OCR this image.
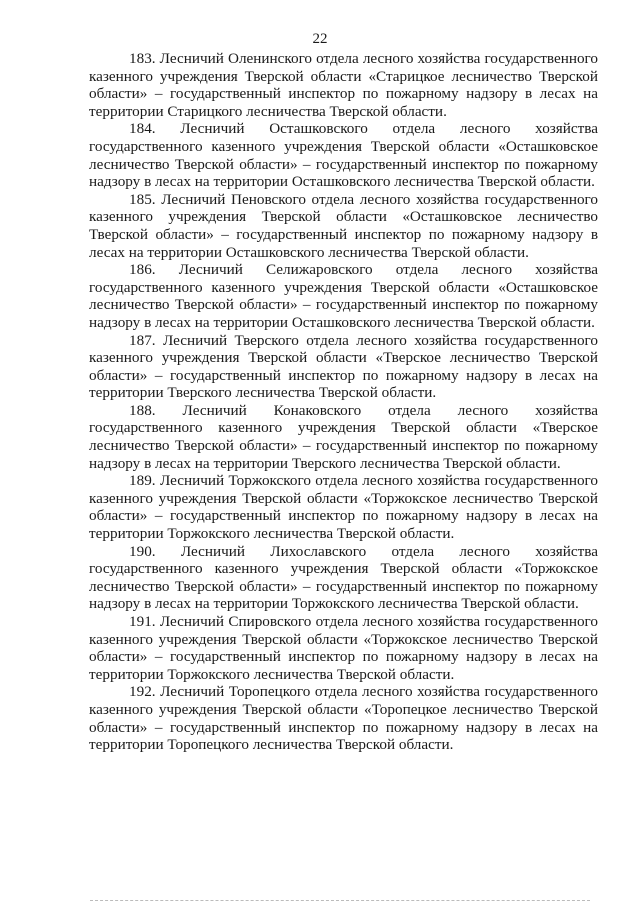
22

183. Лесничий Оленинского отдела лесного хозяйства государственного казенного учреждения Тверской области «Старицкое лесничество Тверской области» – государственный инспектор по пожарному надзору в лесах на территории Старицкого лесничества Тверской области.

184. Лесничий Осташковского отдела лесного хозяйства государственного казенного учреждения Тверской области «Осташковское лесничество Тверской области» – государственный инспектор по пожарному надзору в лесах на территории Осташковского лесничества Тверской области.

185. Лесничий Пеновского отдела лесного хозяйства государственного казенного учреждения Тверской области «Осташковское лесничество Тверской области» – государственный инспектор по пожарному надзору в лесах на территории Осташковского лесничества Тверской области.

186. Лесничий Селижаровского отдела лесного хозяйства государственного казенного учреждения Тверской области «Осташковское лесничество Тверской области» – государственный инспектор по пожарному надзору в лесах на территории Осташковского лесничества Тверской области.

187. Лесничий Тверского отдела лесного хозяйства государственного казенного учреждения Тверской области «Тверское лесничество Тверской области» – государственный инспектор по пожарному надзору в лесах на территории Тверского лесничества Тверской области.

188. Лесничий Конаковского отдела лесного хозяйства государственного казенного учреждения Тверской области «Тверское лесничество Тверской области» – государственный инспектор по пожарному надзору в лесах на территории Тверского лесничества Тверской области.

189. Лесничий Торжокского отдела лесного хозяйства государственного казенного учреждения Тверской области «Торжокское лесничество Тверской области» – государственный инспектор по пожарному надзору в лесах на территории Торжокского лесничества Тверской области.

190. Лесничий Лихославского отдела лесного хозяйства государственного казенного учреждения Тверской области «Торжокское лесничество Тверской области» – государственный инспектор по пожарному надзору в лесах на территории Торжокского лесничества Тверской области.

191. Лесничий Спировского отдела лесного хозяйства государственного казенного учреждения Тверской области «Торжокское лесничество Тверской области» – государственный инспектор по пожарному надзору в лесах на территории Торжокского лесничества Тверской области.

192. Лесничий Торопецкого отдела лесного хозяйства государственного казенного учреждения Тверской области «Торопецкое лесничество Тверской области» – государственный инспектор по пожарному надзору в лесах на территории Торопецкого лесничества Тверской области.
